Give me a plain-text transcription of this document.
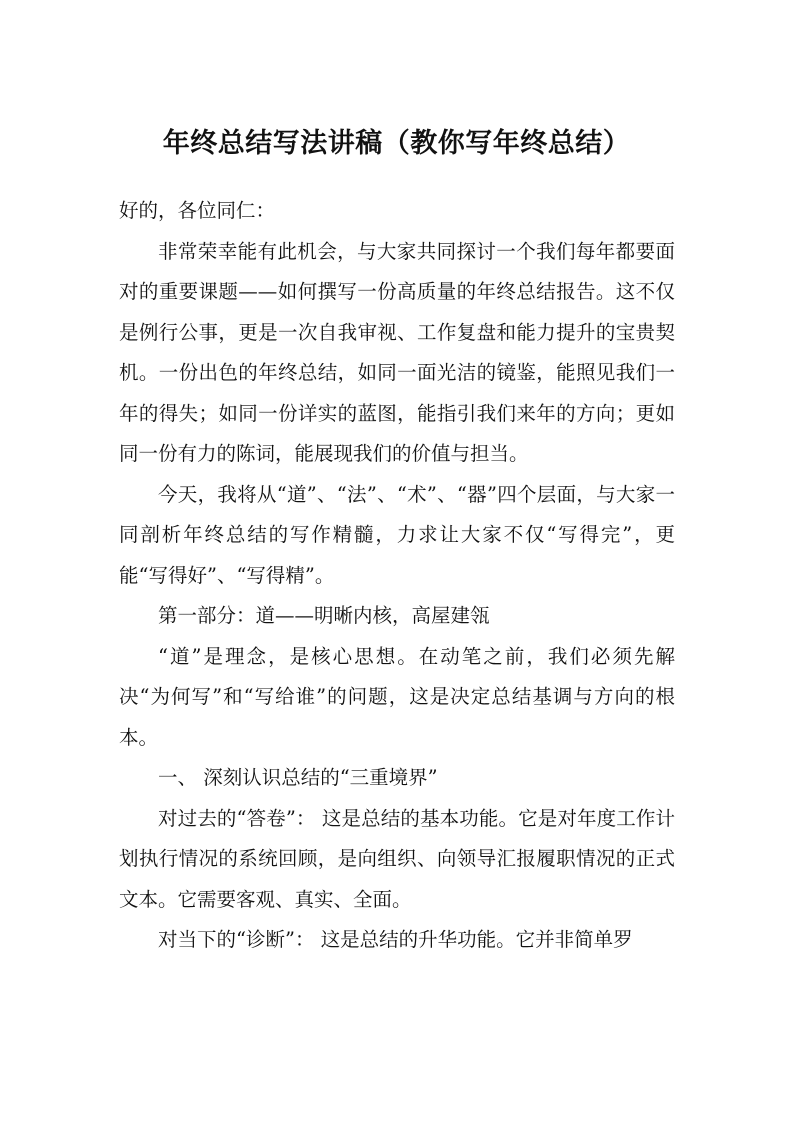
年终总结写法讲稿（教你写年终总结）

好的，各位同仁：

非常荣幸能有此机会，与大家共同探讨一个我们每年都要面对的重要课题——如何撰写一份高质量的年终总结报告。这不仅是例行公事，更是一次自我审视、工作复盘和能力提升的宝贵契机。一份出色的年终总结，如同一面光洁的镜鉴，能照见我们一年的得失；如同一份详实的蓝图，能指引我们来年的方向；更如同一份有力的陈词，能展现我们的价值与担当。

今天，我将从“道”、“法”、“术”、“器”四个层面，与大家一同剖析年终总结的写作精髓，力求让大家不仅“写得完”，更能“写得好”、“写得精”。

第一部分：道——明晰内核，高屋建瓴

“道”是理念，是核心思想。在动笔之前，我们必须先解决“为何写”和“写给谁”的问题，这是决定总结基调与方向的根本。

一、 深刻认识总结的“三重境界”

对过去的“答卷”： 这是总结的基本功能。它是对年度工作计划执行情况的系统回顾，是向组织、向领导汇报履职情况的正式文本。它需要客观、真实、全面。

对当下的“诊断”： 这是总结的升华功能。它并非简单罗
